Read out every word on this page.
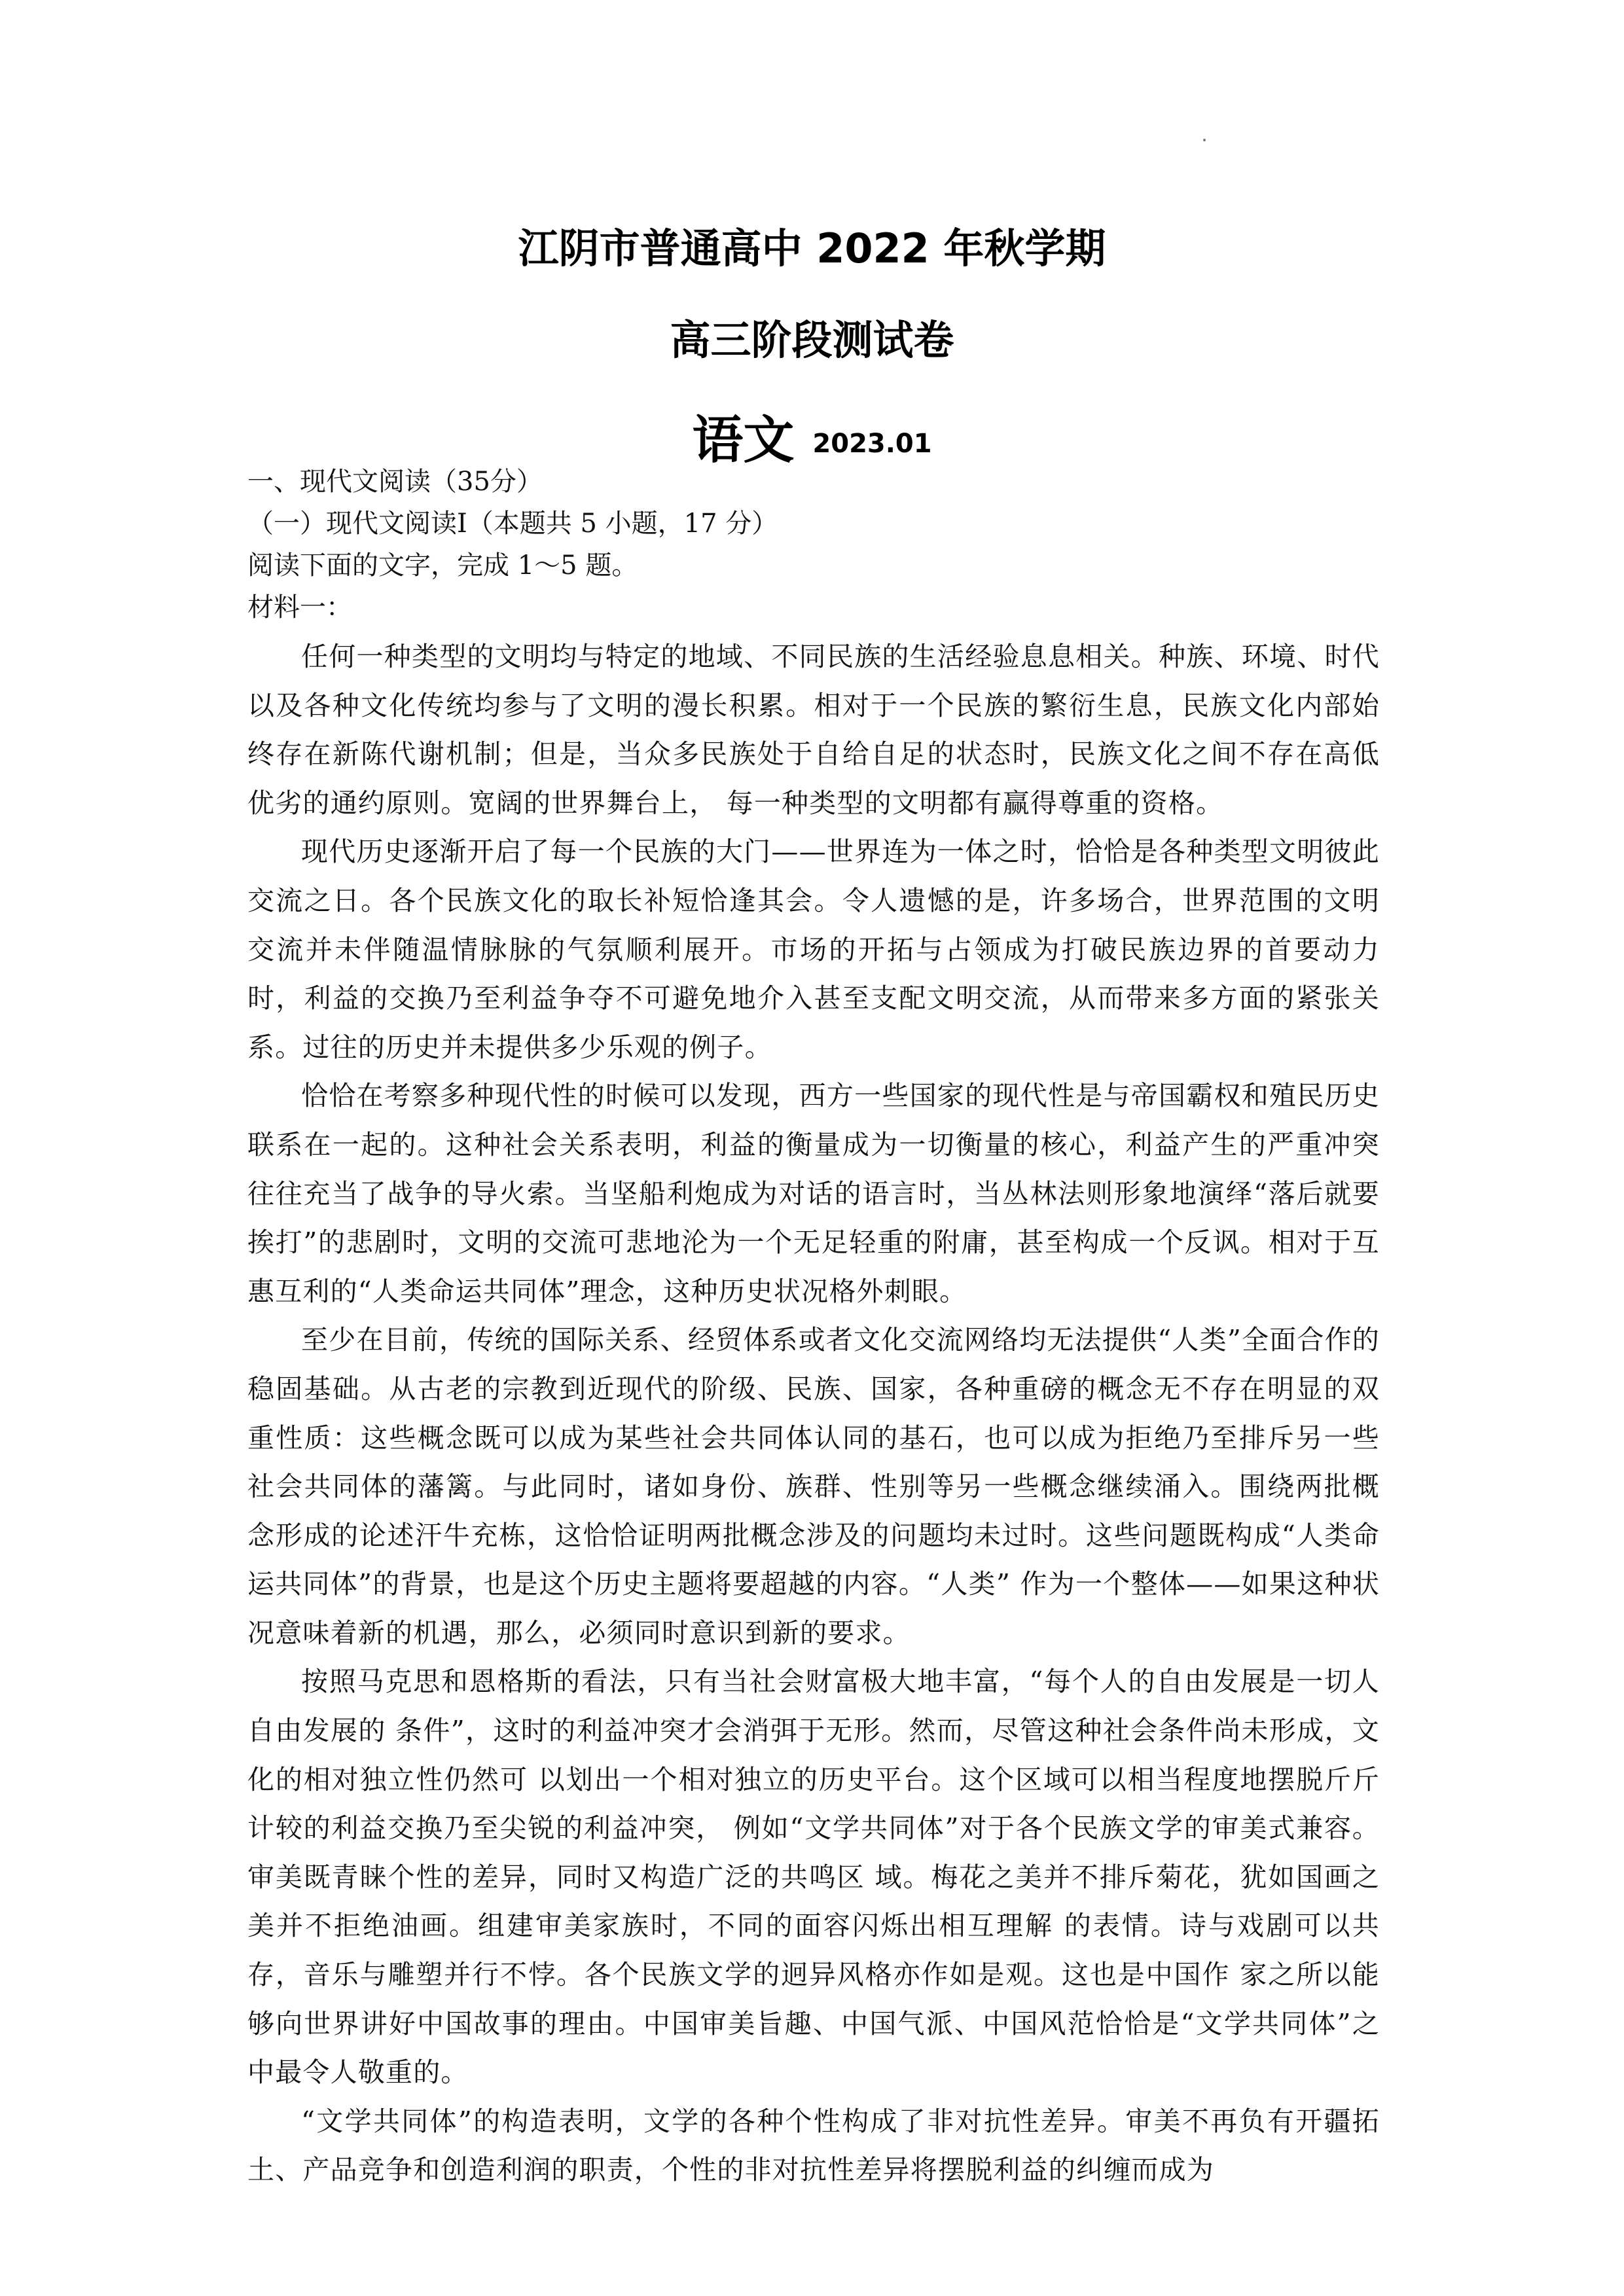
江阴市普通高中 2022 年秋学期
高三阶段测试卷
语文 2023.01
一、现代文阅读（35分）
（一）现代文阅读Ⅰ（本题共 5 小题，17 分）
阅读下面的文字，完成 1～5 题。
材料一：

任何一种类型的文明均与特定的地域、不同民族的生活经验息息相关。种族、环境、时代以及各种文化传统均参与了文明的漫长积累。相对于一个民族的繁衍生息，民族文化内部始终存在新陈代谢机制；但是，当众多民族处于自给自足的状态时，民族文化之间不存在高低优劣的通约原则。宽阔的世界舞台上， 每一种类型的文明都有赢得尊重的资格。

现代历史逐渐开启了每一个民族的大门——世界连为一体之时，恰恰是各种类型文明彼此交流之日。各个民族文化的取长补短恰逢其会。令人遗憾的是，许多场合，世界范围的文明交流并未伴随温情脉脉的气氛顺利展开。市场的开拓与占领成为打破民族边界的首要动力时，利益的交换乃至利益争夺不可避免地介入甚至支配文明交流，从而带来多方面的紧张关系。过往的历史并未提供多少乐观的例子。

恰恰在考察多种现代性的时候可以发现，西方一些国家的现代性是与帝国霸权和殖民历史联系在一起的。这种社会关系表明，利益的衡量成为一切衡量的核心，利益产生的严重冲突往往充当了战争的导火索。当坚船利炮成为对话的语言时，当丛林法则形象地演绎“落后就要挨打”的悲剧时，文明的交流可悲地沦为一个无足轻重的附庸，甚至构成一个反讽。相对于互惠互利的“人类命运共同体”理念，这种历史状况格外刺眼。

至少在目前，传统的国际关系、经贸体系或者文化交流网络均无法提供“人类”全面合作的稳固基础。从古老的宗教到近现代的阶级、民族、国家，各种重磅的概念无不存在明显的双重性质：这些概念既可以成为某些社会共同体认同的基石，也可以成为拒绝乃至排斥另一些社会共同体的藩篱。与此同时，诸如身份、族群、性别等另一些概念继续涌入。围绕两批概念形成的论述汗牛充栋，这恰恰证明两批概念涉及的问题均未过时。这些问题既构成“人类命运共同体”的背景，也是这个历史主题将要超越的内容。“人类” 作为一个整体——如果这种状况意味着新的机遇，那么，必须同时意识到新的要求。

按照马克思和恩格斯的看法，只有当社会财富极大地丰富，“每个人的自由发展是一切人自由发展的 条件”，这时的利益冲突才会消弭于无形。然而，尽管这种社会条件尚未形成，文化的相对独立性仍然可 以划出一个相对独立的历史平台。这个区域可以相当程度地摆脱斤斤计较的利益交换乃至尖锐的利益冲突， 例如“文学共同体”对于各个民族文学的审美式兼容。审美既青睐个性的差异，同时又构造广泛的共鸣区 域。梅花之美并不排斥菊花，犹如国画之美并不拒绝油画。组建审美家族时，不同的面容闪烁出相互理解 的表情。诗与戏剧可以共存，音乐与雕塑并行不悖。各个民族文学的迥异风格亦作如是观。这也是中国作 家之所以能够向世界讲好中国故事的理由。中国审美旨趣、中国气派、中国风范恰恰是“文学共同体”之 中最令人敬重的。

“文学共同体”的构造表明，文学的各种个性构成了非对抗性差异。审美不再负有开疆拓土、产品竞争和创造利润的职责，个性的非对抗性差异将摆脱利益的纠缠而成为
